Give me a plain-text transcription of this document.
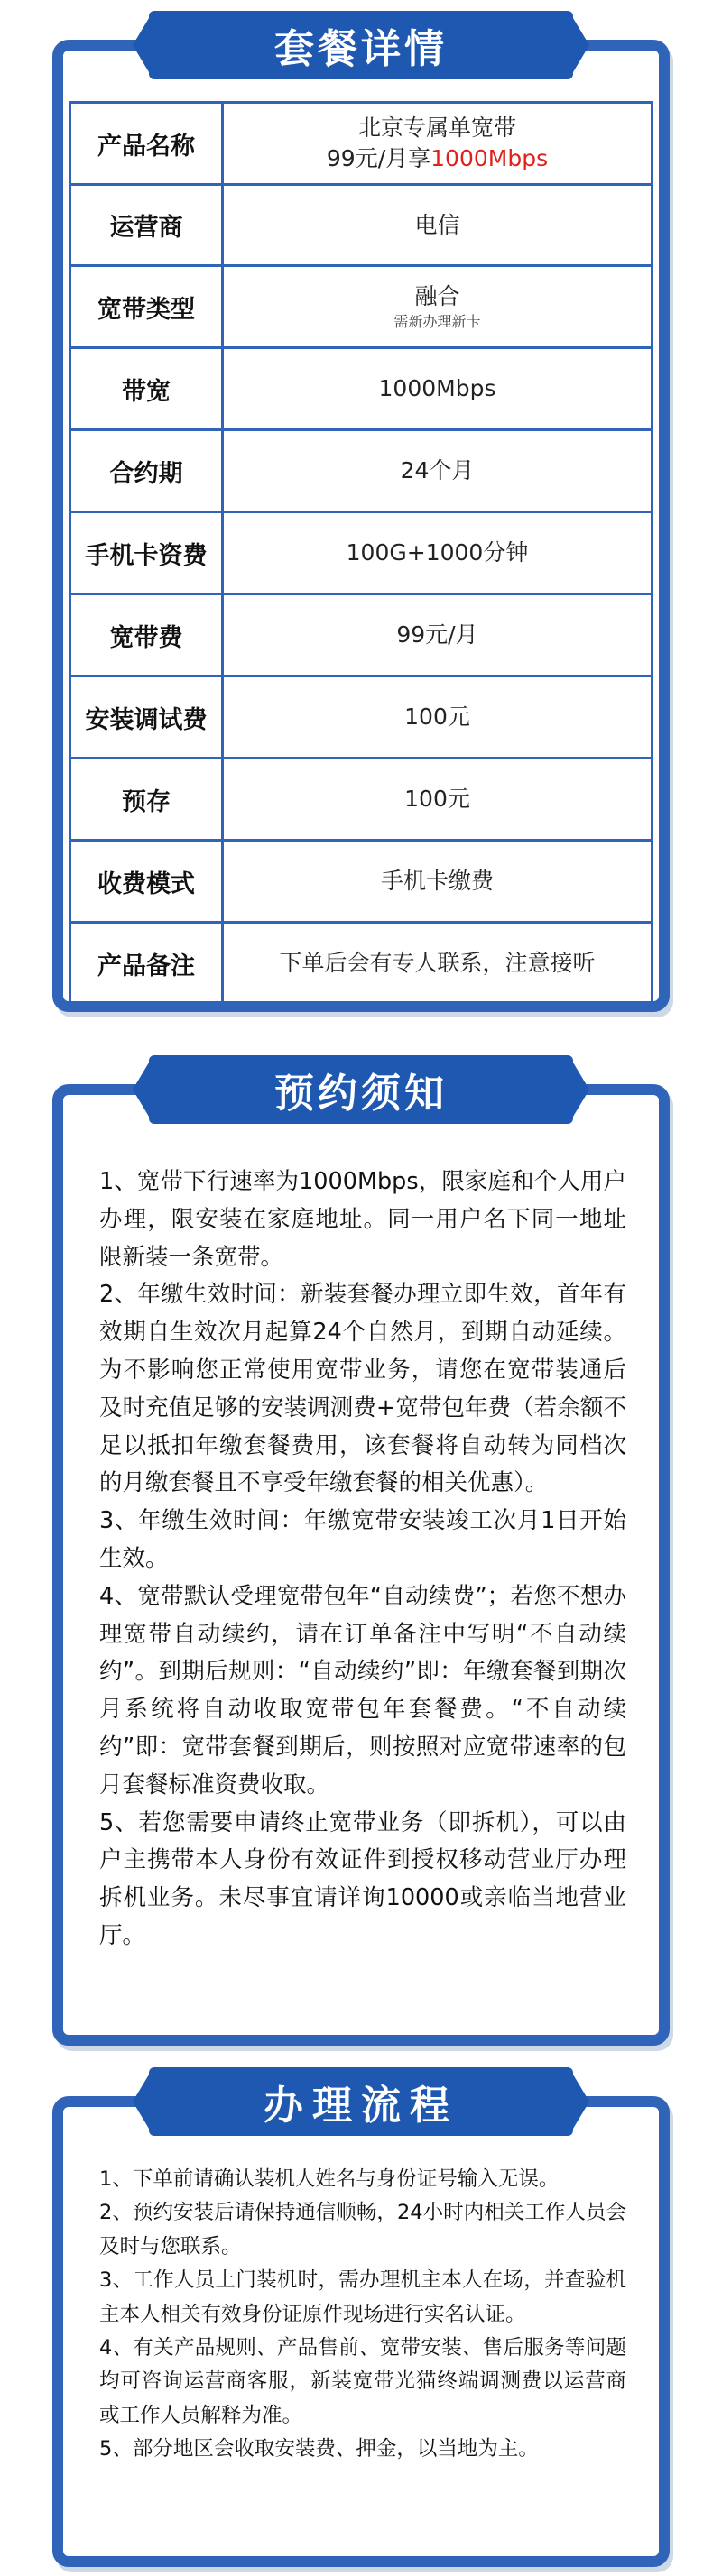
套餐详情
产品名称	北京专属单宽带
99元/月享1000Mbps
运营商	电信
宽带类型	融合
需新办理新卡

带宽	1000Mbps
合约期	24个月
手机卡资费	100G+1000分钟
宽带费	99元/月
安装调试费	100元
预存	100元
收费模式	手机卡缴费
产品备注	下单后会有专人联系，注意接听
预约须知

1、宽带下行速率为1000Mbps，限家庭和个人用户办理，限安装在家庭地址。同一用户名下同一地址限新装一条宽带。

2、年缴生效时间：新装套餐办理立即生效，首年有效期自生效次月起算24个自然月，到期自动延续。为不影响您正常使用宽带业务，请您在宽带装通后及时充值足够的安装调测费+宽带包年费（若余额不足以抵扣年缴套餐费用，该套餐将自动转为同档次的月缴套餐且不享受年缴套餐的相关优惠）。

3、年缴生效时间：年缴宽带安装竣工次月1日开始生效。

4、宽带默认受理宽带包年“自动续费”；若您不想办理宽带自动续约，请在订单备注中写明“不自动续约”。到期后规则：“自动续约”即：年缴套餐到期次月系统将自动收取宽带包年套餐费。“不自动续约”即：宽带套餐到期后，则按照对应宽带速率的包月套餐标准资费收取。

5、若您需要申请终止宽带业务（即拆机），可以由户主携带本人身份有效证件到授权移动营业厅办理拆机业务。未尽事宜请详询10000或亲临当地营业厅。

办理流程

1、下单前请确认装机人姓名与身份证号输入无误。

2、预约安装后请保持通信顺畅，24小时内相关工作人员会及时与您联系。

3、工作人员上门装机时，需办理机主本人在场，并查验机主本人相关有效身份证原件现场进行实名认证。

4、有关产品规则、产品售前、宽带安装、售后服务等问题均可咨询运营商客服，新装宽带光猫终端调测费以运营商或工作人员解释为准。

5、部分地区会收取安装费、押金，以当地为主。
